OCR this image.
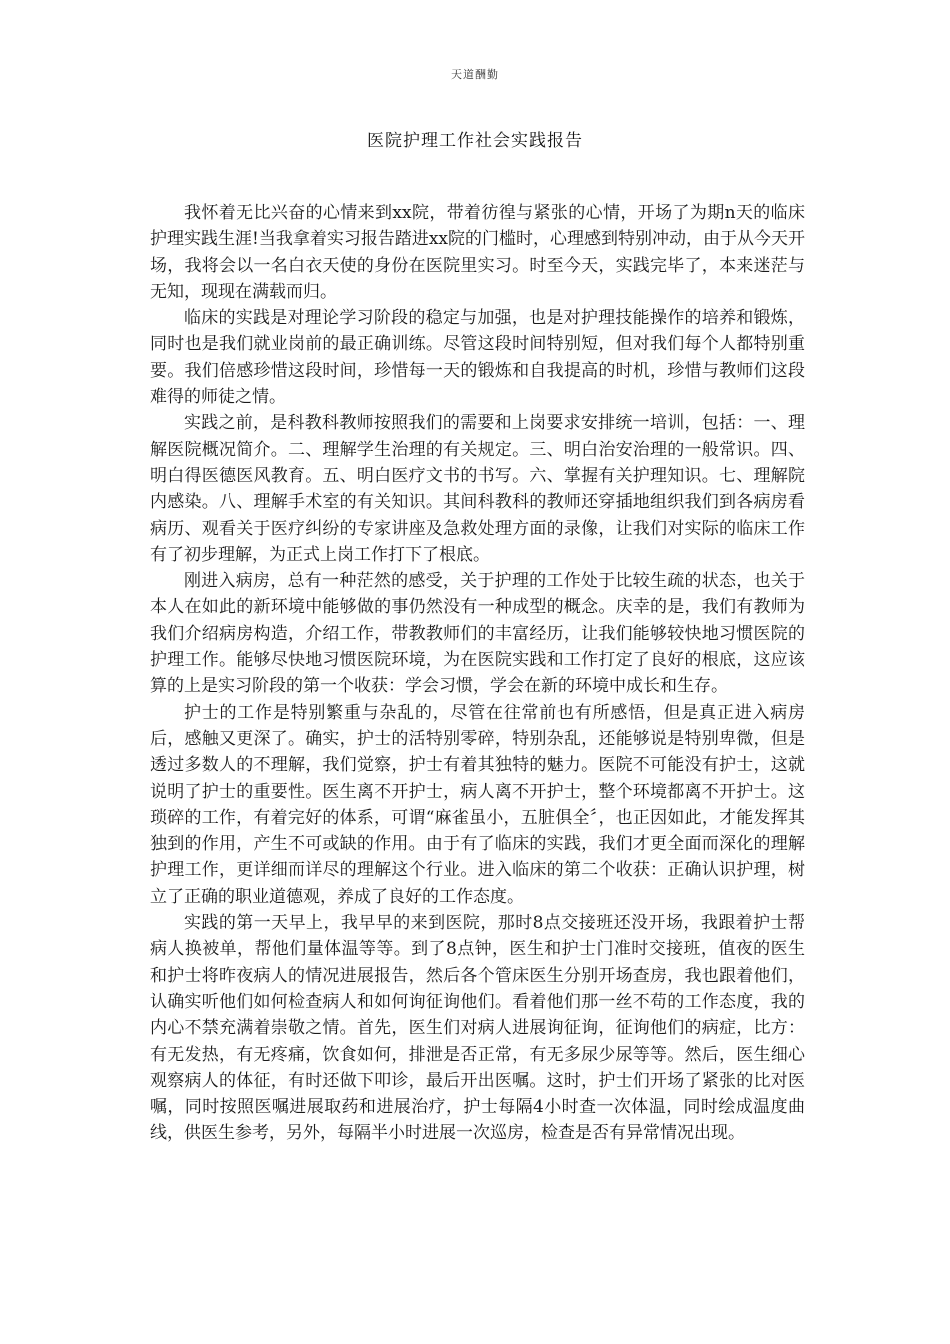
天道酬勤
医院护理工作社会实践报告

我怀着无比兴奋的心情来到xx院，带着彷徨与紧张的心情，开场了为期n天的临床护理实践生涯!当我拿着实习报告踏进xx院的门槛时，心理感到特别冲动，由于从今天开场，我将会以一名白衣天使的身份在医院里实习。时至今天，实践完毕了，本来迷茫与无知，现现在满载而归。

临床的实践是对理论学习阶段的稳定与加强，也是对护理技能操作的培养和锻炼，同时也是我们就业岗前的最正确训练。尽管这段时间特别短，但对我们每个人都特别重要。我们倍感珍惜这段时间，珍惜每一天的锻炼和自我提高的时机，珍惜与教师们这段难得的师徒之情。

实践之前，是科教科教师按照我们的需要和上岗要求安排统一培训，包括：一、理解医院概况简介。二、理解学生治理的有关规定。三、明白治安治理的一般常识。四、明白得医德医风教育。五、明白医疗文书的书写。六、掌握有关护理知识。七、理解院内感染。八、理解手术室的有关知识。其间科教科的教师还穿插地组织我们到各病房看病历、观看关于医疗纠纷的专家讲座及急救处理方面的录像，让我们对实际的临床工作有了初步理解，为正式上岗工作打下了根底。

刚进入病房，总有一种茫然的感受，关于护理的工作处于比较生疏的状态，也关于本人在如此的新环境中能够做的事仍然没有一种成型的概念。庆幸的是，我们有教师为我们介绍病房构造，介绍工作，带教教师们的丰富经历，让我们能够较快地习惯医院的护理工作。能够尽快地习惯医院环境，为在医院实践和工作打定了良好的根底，这应该算的上是实习阶段的第一个收获：学会习惯，学会在新的环境中成长和生存。

护士的工作是特别繁重与杂乱的，尽管在往常前也有所感悟，但是真正进入病房后，感触又更深了。确实，护士的活特别零碎，特别杂乱，还能够说是特别卑微，但是透过多数人的不理解，我们觉察，护士有着其独特的魅力。医院不可能没有护士，这就说明了护士的重要性。医生离不开护士，病人离不开护士，整个环境都离不开护士。这琐碎的工作，有着完好的体系，可谓“麻雀虽小，五脏俱全〞，也正因如此，才能发挥其独到的作用，产生不可或缺的作用。由于有了临床的实践，我们才更全面而深化的理解护理工作，更详细而详尽的理解这个行业。进入临床的第二个收获：正确认识护理，树立了正确的职业道德观，养成了良好的工作态度。

实践的第一天早上，我早早的来到医院，那时8点交接班还没开场，我跟着护士帮病人换被单，帮他们量体温等等。到了8点钟，医生和护士门准时交接班，值夜的医生和护士将昨夜病人的情况进展报告，然后各个管床医生分别开场查房，我也跟着他们，认确实听他们如何检查病人和如何询征询他们。看着他们那一丝不苟的工作态度，我的内心不禁充满着崇敬之情。首先，医生们对病人进展询征询，征询他们的病症，比方：有无发热，有无疼痛，饮食如何，排泄是否正常，有无多尿少尿等等。然后，医生细心观察病人的体征，有时还做下叩诊，最后开出医嘱。这时，护士们开场了紧张的比对医嘱，同时按照医嘱进展取药和进展治疗，护士每隔4小时查一次体温，同时绘成温度曲线，供医生参考，另外，每隔半小时进展一次巡房，检查是否有异常情况出现。
